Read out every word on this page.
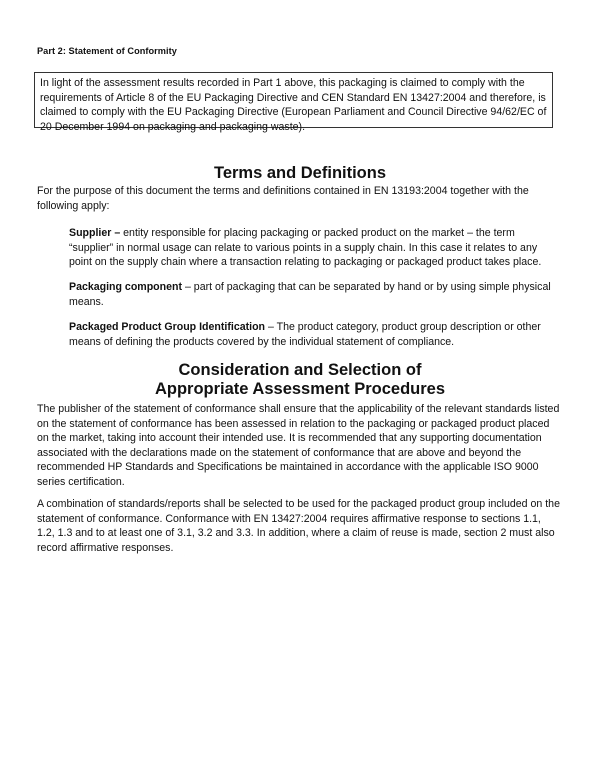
Part 2: Statement of Conformity
In light of the assessment results recorded in Part 1 above, this packaging is claimed to comply with the requirements of Article 8 of the EU Packaging Directive and CEN Standard EN 13427:2004 and therefore, is claimed to comply with the EU Packaging Directive (European Parliament and Council Directive 94/62/EC of 20 December 1994 on packaging and packaging waste).
Terms and Definitions

For the purpose of this document the terms and definitions contained in EN 13193:2004 together with the following apply:

Supplier – entity responsible for placing packaging or packed product on the market – the term “supplier” in normal usage can relate to various points in a supply chain. In this case it relates to any point on the supply chain where a transaction relating to packaging or packaged product takes place.

Packaging component – part of packaging that can be separated by hand or by using simple physical means.

Packaged Product Group Identification – The product category, product group description or other means of defining the products covered by the individual statement of compliance.

Consideration and Selection of
Appropriate Assessment Procedures

The publisher of the statement of conformance shall ensure that the applicability of the relevant standards listed on the statement of conformance has been assessed in relation to the packaging or packaged product placed on the market, taking into account their intended use. It is recommended that any supporting documentation associated with the declarations made on the statement of conformance that are above and beyond the recommended HP Standards and Specifications be maintained in accordance with the applicable ISO 9000 series certification.

A combination of standards/reports shall be selected to be used for the packaged product group included on the statement of conformance. Conformance with EN 13427:2004 requires affirmative response to sections 1.1, 1.2, 1.3 and to at least one of 3.1, 3.2 and 3.3. In addition, where a claim of reuse is made, section 2 must also record affirmative responses.
